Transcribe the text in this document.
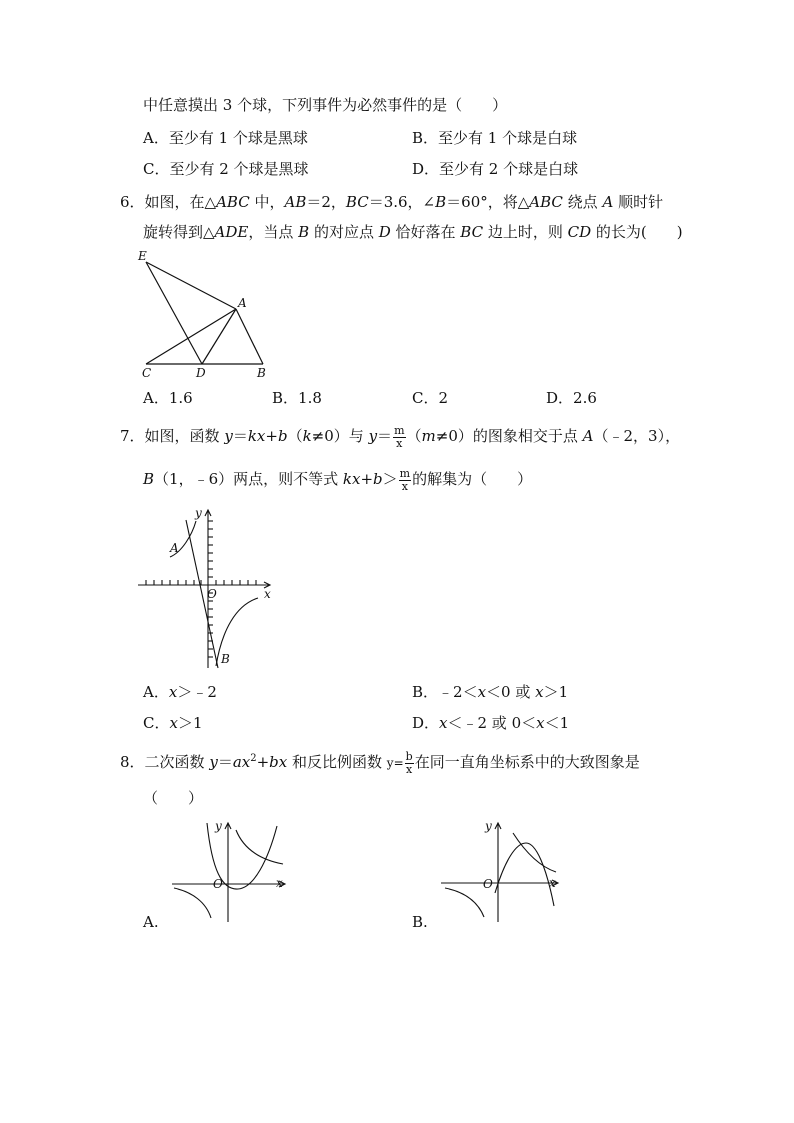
中任意摸出 3 个球，下列事件为必然事件的是（　　）
A．至少有 1 个球是黑球	B．至少有 1 个球是白球
C．至少有 2 个球是黑球	D．至少有 2 个球是白球
6．如图，在△ABC 中，AB＝2，BC＝3.6，∠B＝60°，将△ABC 绕点 A 顺时针
旋转得到△ADE，当点 B 的对应点 D 恰好落在 BC 边上时，则 CD 的长为(　　)
E
A
C	D	B
A．1.6	B．1.8	C．2	D．2.6
7．如图，函数 y＝kx+b（k≠0）与 $y= \frac{m}{x} (m\ne 0)$的图象相交于点 A（﹣2，3），
B（1，﹣6）两点，则不等式 $kx+b> \frac{m}{x}$ 的解集为（　　）
y
A
O	x
B
A．x＞﹣2	B．﹣2＜x＜0 或 x＞1
C．x＞1	D．x＜﹣2 或 0＜x＜1
8．二次函数 $y=ax^2+bx$ 和反比例函数 $y= \frac{b}{x}$ 在同一直角坐标系中的大致图象是
（　　）
y
O	x
y
O	x
A.	B.
